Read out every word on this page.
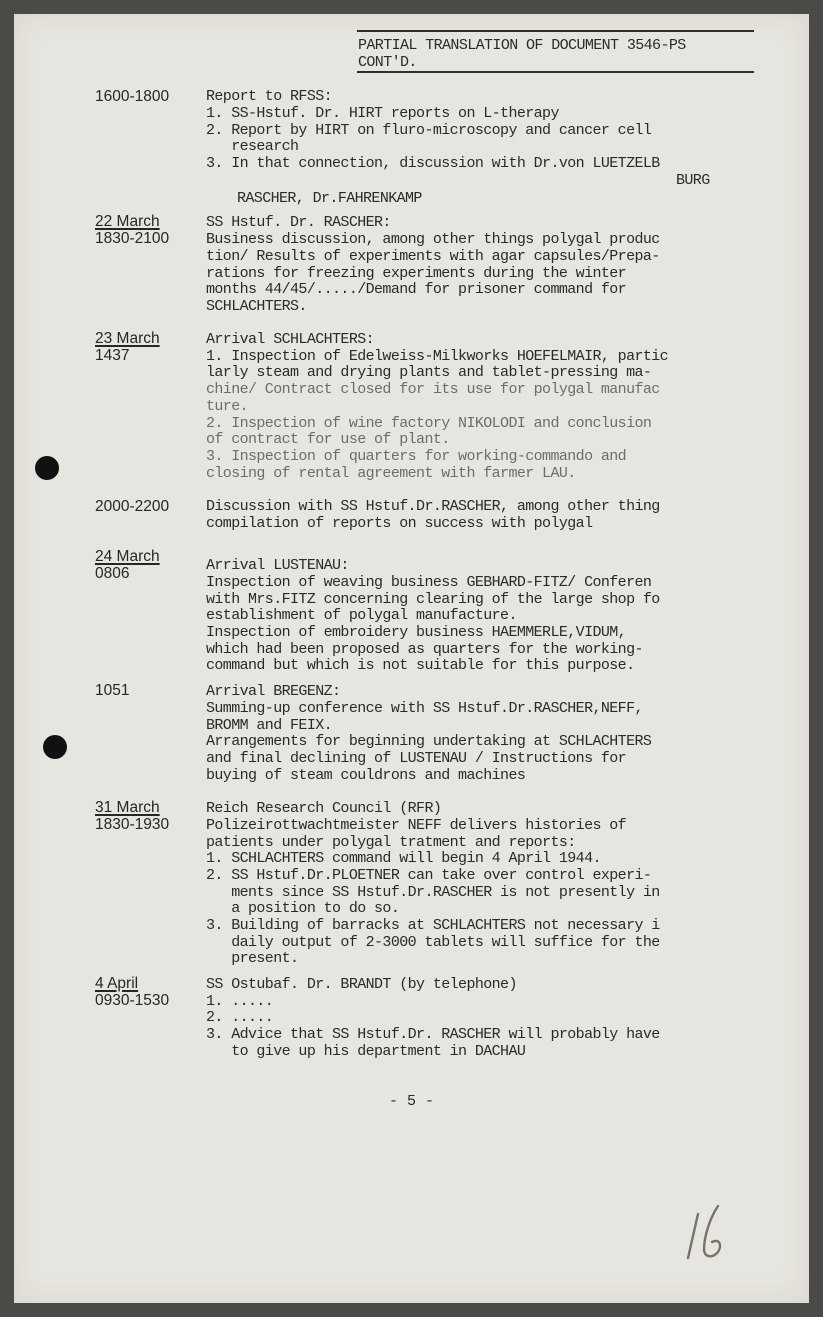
PARTIAL TRANSLATION OF DOCUMENT 3546-PS
CONT'D.
1600-1800 Report to RFSS:
1. SS-Hstuf. Dr. HIRT reports on L-therapy
2. Report by HIRT on fluro-microscopy and cancer cell
research
3. In that connection, discussion with Dr.von LUETZELB
BURG
RASCHER, Dr.FAHRENKAMP
22 March
1830-2100
SS Hstuf. Dr. RASCHER:
Business discussion, among other things polygal produc
tion/ Results of experiments with agar capsules/Prepa-
rations for freezing experiments during the winter
months 44/45/...../Demand for prisoner command for
SCHLACHTERS.
23 March
1437
Arrival SCHLACHTERS:
1. Inspection of Edelweiss-Milkworks HOEFELMAIR, partic
larly steam and drying plants and tablet-pressing ma-
chine/ Contract closed for its use for polygal manufac
ture.
2. Inspection of wine factory NIKOLODI and conclusion
of contract for use of plant.
3. Inspection of quarters for working-commando and
closing of rental agreement with farmer LAU.
2000-2200 Discussion with SS Hstuf.Dr.RASCHER, among other thing
compilation of reports on success with polygal
24 March
0806	Arrival LUSTENAU:
Inspection of weaving business GEBHARD-FITZ/ Conferen
with Mrs.FITZ concerning clearing of the large shop fo
establishment of polygal manufacture.
Inspection of embroidery business HAEMMERLE,VIDUM,
which had been proposed as quarters for the working-
command but which is not suitable for this purpose.
1051	Arrival BREGENZ:
Summing-up conference with SS Hstuf.Dr.RASCHER,NEFF,
BROMM and FEIX.
Arrangements for beginning undertaking at SCHLACHTERS
and final declining of LUSTENAU / Instructions for
buying of steam couldrons and machines
31 March
1830-1930
Reich Research Council (RFR)
Polizeirottwachtmeister NEFF delivers histories of
patients under polygal tratment and reports:
1. SCHLACHTERS command will begin 4 April 1944.
2. SS Hstuf.Dr.PLOETNER can take over control experi-
ments since SS Hstuf.Dr.RASCHER is not presently in
a position to do so.
3. Building of barracks at SCHLACHTERS not necessary i
daily output of 2-3000 tablets will suffice for the
present.
4 April
0930-1530
SS Ostubaf. Dr. BRANDT (by telephone)
1. .....
2. .....
3. Advice that SS Hstuf.Dr. RASCHER will probably have
to give up his department in DACHAU
- 5 -
